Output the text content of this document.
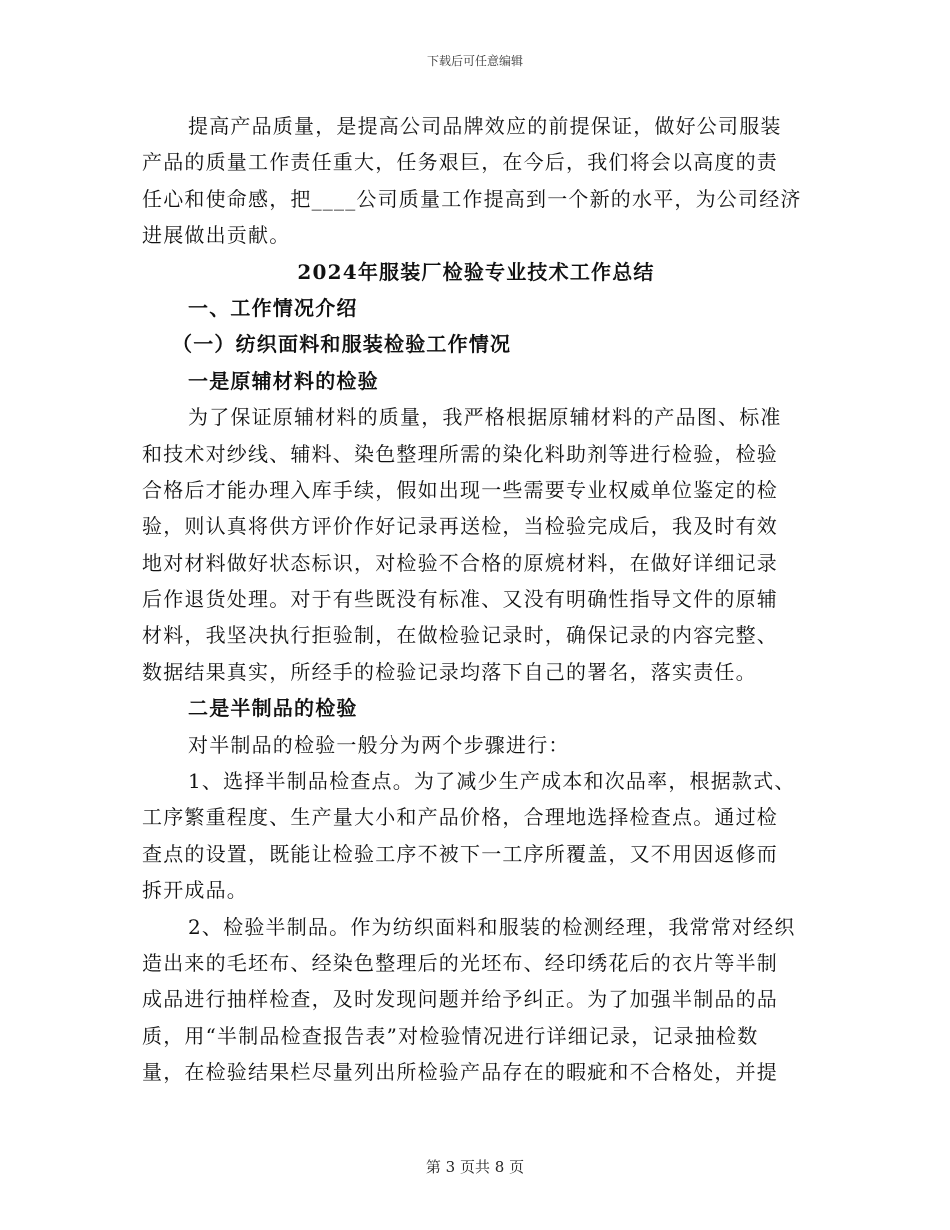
下载后可任意编辑
提高产品质量，是提高公司品牌效应的前提保证，做好公司服装
产品的质量工作责任重大，任务艰巨，在今后，我们将会以高度的责
任心和使命感，把____公司质量工作提高到一个新的水平，为公司经济
进展做出贡献。
2024年服装厂检验专业技术工作总结
一、工作情况介绍
（一）纺织面料和服装检验工作情况
一是原辅材料的检验
为了保证原辅材料的质量，我严格根据原辅材料的产品图、标准
和技术对纱线、辅料、染色整理所需的染化料助剂等进行检验，检验
合格后才能办理入库手续，假如出现一些需要专业权威单位鉴定的检
验，则认真将供方评价作好记录再送检，当检验完成后，我及时有效
地对材料做好状态标识，对检验不合格的原煷材料，在做好详细记录
后作退货处理。对于有些既没有标准、又没有明确性指导文件的原辅
材料，我坚决执行拒验制，在做检验记录时，确保记录的内容完整、
数据结果真实，所经手的检验记录均落下自己的署名，落实责任。
二是半制品的检验
对半制品的检验一般分为两个步骤进行：
1、选择半制品检查点。为了减少生产成本和次品率，根据款式、
工序繁重程度、生产量大小和产品价格，合理地选择检查点。通过检
查点的设置，既能让检验工序不被下一工序所覆盖，又不用因返修而
拆开成品。
2、检验半制品。作为纺织面料和服装的检测经理，我常常对经织
造出来的毛坯布、经染色整理后的光坯布、经印绣花后的衣片等半制
成品进行抽样检查，及时发现问题并给予纠正。为了加强半制品的品
质，用“半制品检查报告表”对检验情况进行详细记录，记录抽检数
量，在检验结果栏尽量列出所检验产品存在的暇疵和不合格处，并提
第 3 页共 8 页
